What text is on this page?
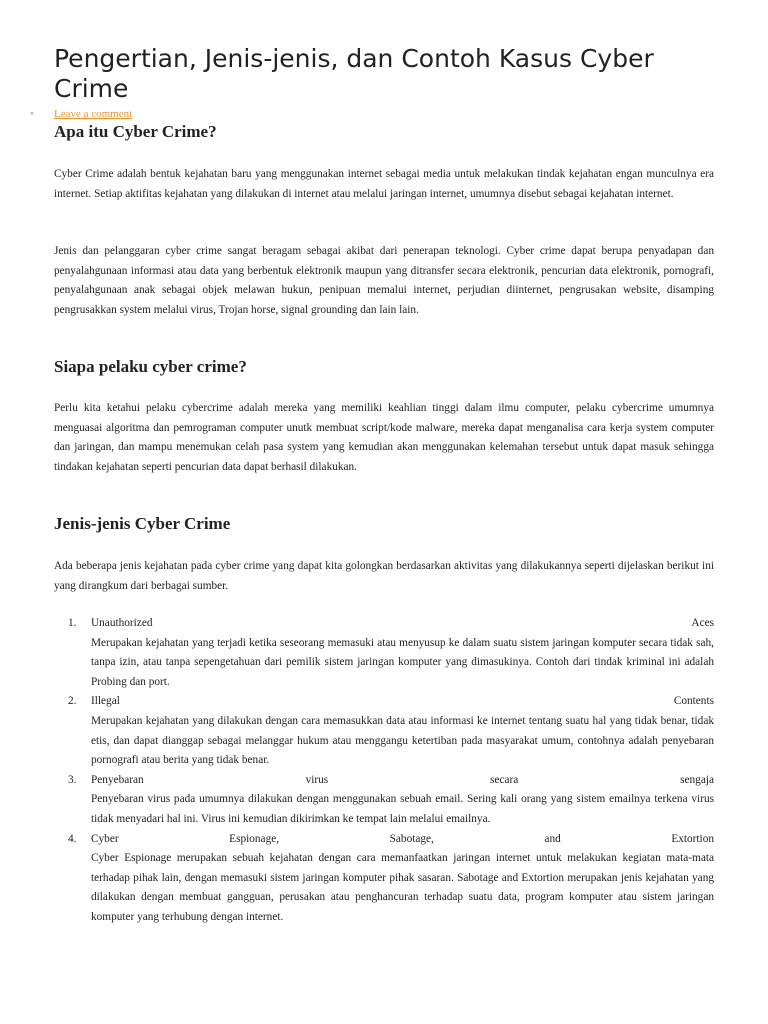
Pengertian, Jenis-jenis, dan Contoh Kasus Cyber Crime
• Leave a comment
Apa itu Cyber Crime?

Cyber Crime adalah bentuk kejahatan baru yang menggunakan internet sebagai media untuk melakukan tindak kejahatan engan munculnya era internet. Setiap aktifitas kejahatan yang dilakukan di internet atau melalui jaringan internet, umumnya disebut sebagai kejahatan internet.

Jenis dan pelanggaran cyber crime sangat beragam sebagai akibat dari penerapan teknologi. Cyber crime dapat berupa penyadapan dan penyalahgunaan informasi atau data yang berbentuk elektronik maupun yang ditransfer secara elektronik, pencurian data elektronik, pornografi, penyalahgunaan anak sebagai objek melawan hukun, penipuan memalui internet, perjudian diinternet, pengrusakan website, disamping pengrusakkan system melalui virus, Trojan horse, signal grounding dan lain lain.

Siapa pelaku cyber crime?

Perlu kita ketahui pelaku cybercrime adalah mereka yang memiliki keahlian tinggi dalam ilmu computer, pelaku cybercrime umumnya menguasai algoritma dan pemrograman computer unutk membuat script/kode malware, mereka dapat menganalisa cara kerja system computer dan jaringan, dan mampu menemukan celah pasa system yang kemudian akan menggunakan kelemahan tersebut untuk dapat masuk sehingga tindakan kejahatan seperti pencurian data dapat berhasil dilakukan.

Jenis-jenis Cyber Crime

Ada beberapa jenis kejahatan pada cyber crime yang dapat kita golongkan berdasarkan aktivitas yang dilakukannya seperti dijelaskan berikut ini yang dirangkum dari berbagai sumber.

1. Unauthorized Aces
Merupakan kejahatan yang terjadi ketika seseorang memasuki atau menyusup ke dalam suatu sistem jaringan komputer secara tidak sah, tanpa izin, atau tanpa sepengetahuan dari pemilik sistem jaringan komputer yang dimasukinya. Contoh dari tindak kriminal ini adalah Probing dan port.
2. Illegal Contents
Merupakan kejahatan yang dilakukan dengan cara memasukkan data atau informasi ke internet tentang suatu hal yang tidak benar, tidak etis, dan dapat dianggap sebagai melanggar hukum atau menggangu ketertiban pada masyarakat umum, contohnya adalah penyebaran pornografi atau berita yang tidak benar.
3. Penyebaran virus secara sengaja
Penyebaran virus pada umumnya dilakukan dengan menggunakan sebuah email. Sering kali orang yang sistem emailnya terkena virus tidak menyadari hal ini. Virus ini kemudian dikirimkan ke tempat lain melalui emailnya.
4. Cyber Espionage, Sabotage, and Extortion
Cyber Espionage merupakan sebuah kejahatan dengan cara memanfaatkan jaringan internet untuk melakukan kegiatan mata-mata terhadap pihak lain, dengan memasuki sistem jaringan komputer pihak sasaran. Sabotage and Extortion merupakan jenis kejahatan yang dilakukan dengan membuat gangguan, perusakan atau penghancuran terhadap suatu data, program komputer atau sistem jaringan komputer yang terhubung dengan internet.
